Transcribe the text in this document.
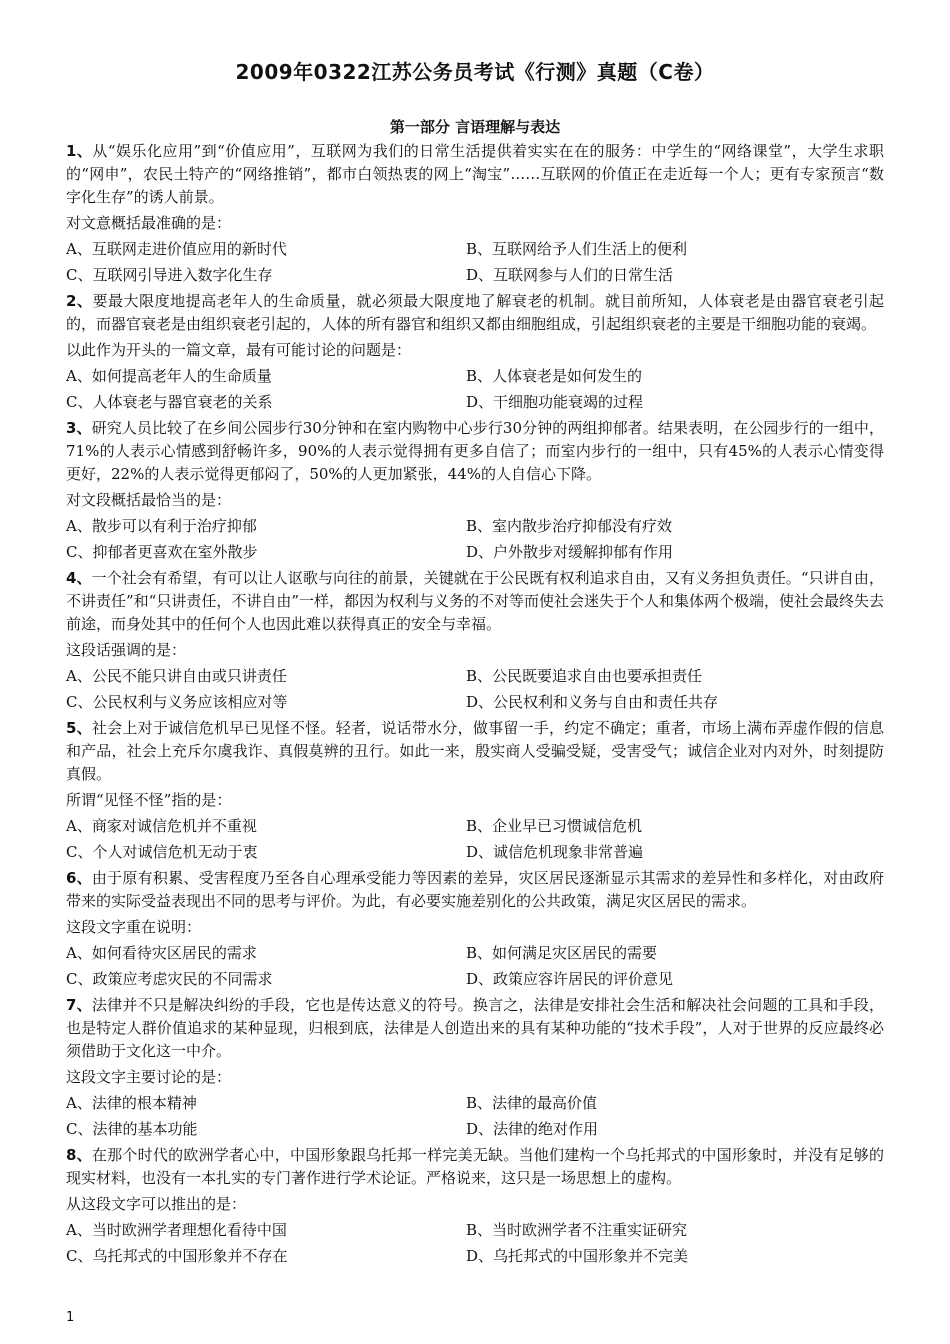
2009年0322江苏公务员考试《行测》真题（C卷）
第一部分 言语理解与表达

1、从“娱乐化应用”到“价值应用”，互联网为我们的日常生活提供着实实在在的服务：中学生的“网络课堂”，大学生求职的“网申”，农民土特产的“网络推销”，都市白领热衷的网上“淘宝”……互联网的价值正在走近每一个人；更有专家预言“数字化生存”的诱人前景。

对文意概括最准确的是：
A、互联网走进价值应用的新时代	B、互联网给予人们生活上的便利
C、互联网引导进入数字化生存	D、互联网参与人们的日常生活

2、要最大限度地提高老年人的生命质量，就必须最大限度地了解衰老的机制。就目前所知，人体衰老是由器官衰老引起的，而器官衰老是由组织衰老引起的，人体的所有器官和组织又都由细胞组成，引起组织衰老的主要是干细胞功能的衰竭。

以此作为开头的一篇文章，最有可能讨论的问题是：
A、如何提高老年人的生命质量	B、人体衰老是如何发生的
C、人体衰老与器官衰老的关系	D、干细胞功能衰竭的过程

3、研究人员比较了在乡间公园步行30分钟和在室内购物中心步行30分钟的两组抑郁者。结果表明，在公园步行的一组中，71%的人表示心情感到舒畅许多，90%的人表示觉得拥有更多自信了；而室内步行的一组中，只有45%的人表示心情变得更好，22%的人表示觉得更郁闷了，50%的人更加紧张，44%的人自信心下降。

对文段概括最恰当的是：
A、散步可以有利于治疗抑郁	B、室内散步治疗抑郁没有疗效
C、抑郁者更喜欢在室外散步	D、户外散步对缓解抑郁有作用

4、一个社会有希望，有可以让人讴歌与向往的前景，关键就在于公民既有权利追求自由，又有义务担负责任。“只讲自由，不讲责任”和“只讲责任，不讲自由”一样，都因为权利与义务的不对等而使社会迷失于个人和集体两个极端，使社会最终失去前途，而身处其中的任何个人也因此难以获得真正的安全与幸福。

这段话强调的是：
A、公民不能只讲自由或只讲责任	B、公民既要追求自由也要承担责任
C、公民权利与义务应该相应对等	D、公民权利和义务与自由和责任共存

5、社会上对于诚信危机早已见怪不怪。轻者，说话带水分，做事留一手，约定不确定；重者，市场上满布弄虚作假的信息和产品，社会上充斥尔虞我诈、真假莫辨的丑行。如此一来，殷实商人受骗受疑，受害受气；诚信企业对内对外，时刻提防真假。

所谓“见怪不怪”指的是：
A、商家对诚信危机并不重视	B、企业早已习惯诚信危机
C、个人对诚信危机无动于衷	D、诚信危机现象非常普遍

6、由于原有积累、受害程度乃至各自心理承受能力等因素的差异，灾区居民逐渐显示其需求的差异性和多样化，对由政府带来的实际受益表现出不同的思考与评价。为此，有必要实施差别化的公共政策，满足灾区居民的需求。

这段文字重在说明：
A、如何看待灾区居民的需求	B、如何满足灾区居民的需要
C、政策应考虑灾民的不同需求	D、政策应容许居民的评价意见

7、法律并不只是解决纠纷的手段，它也是传达意义的符号。换言之，法律是安排社会生活和解决社会问题的工具和手段，也是特定人群价值追求的某种显现，归根到底，法律是人创造出来的具有某种功能的“技术手段”，人对于世界的反应最终必须借助于文化这一中介。

这段文字主要讨论的是：
A、法律的根本精神	B、法律的最高价值
C、法律的基本功能	D、法律的绝对作用

8、在那个时代的欧洲学者心中，中国形象跟乌托邦一样完美无缺。当他们建构一个乌托邦式的中国形象时，并没有足够的现实材料，也没有一本扎实的专门著作进行学术论证。严格说来，这只是一场思想上的虚构。

从这段文字可以推出的是：
A、当时欧洲学者理想化看待中国	B、当时欧洲学者不注重实证研究
C、乌托邦式的中国形象并不存在	D、乌托邦式的中国形象并不完美
1
